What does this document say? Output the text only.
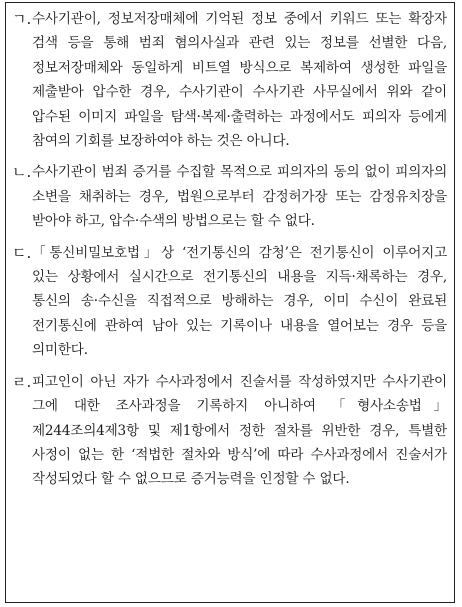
ㄱ. 수사기관이, 정보저장매체에 기억된 정보 중에서 키워드 또는 확장자 검색 등을 통해 범죄 혐의사실과 관련 있는 정보를 선별한 다음, 정보저장매체와 동일하게 비트열 방식으로 복제하여 생성한 파일을 제출받아 압수한 경우, 수사기관이 수사기관 사무실에서 위와 같이 압수된 이미지 파일을 탐색·복제·출력하는 과정에서도 피의자 등에게 참여의 기회를 보장하여야 하는 것은 아니다.
ㄴ. 수사기관이 범죄 증거를 수집할 목적으로 피의자의 동의 없이 피의자의 소변을 채취하는 경우, 법원으로부터 감정허가장 또는 감정유치장을 받아야 하고, 압수·수색의 방법으로는 할 수 없다.
ㄷ. 「통신비밀보호법」상 ‘전기통신의 감청’은 전기통신이 이루어지고 있는 상황에서 실시간으로 전기통신의 내용을 지득·채록하는 경우, 통신의 송·수신을 직접적으로 방해하는 경우, 이미 수신이 완료된 전기통신에 관하여 남아 있는 기록이나 내용을 열어보는 경우 등을 의미한다.
ㄹ. 피고인이 아닌 자가 수사과정에서 진술서를 작성하였지만 수사기관이 그에 대한 조사과정을 기록하지 아니하여 「형사소송법」 제244조의4제3항 및 제1항에서 정한 절차를 위반한 경우, 특별한 사정이 없는 한 ‘적법한 절차와 방식’에 따라 수사과정에서 진술서가 작성되었다 할 수 없으므로 증거능력을 인정할 수 없다.
